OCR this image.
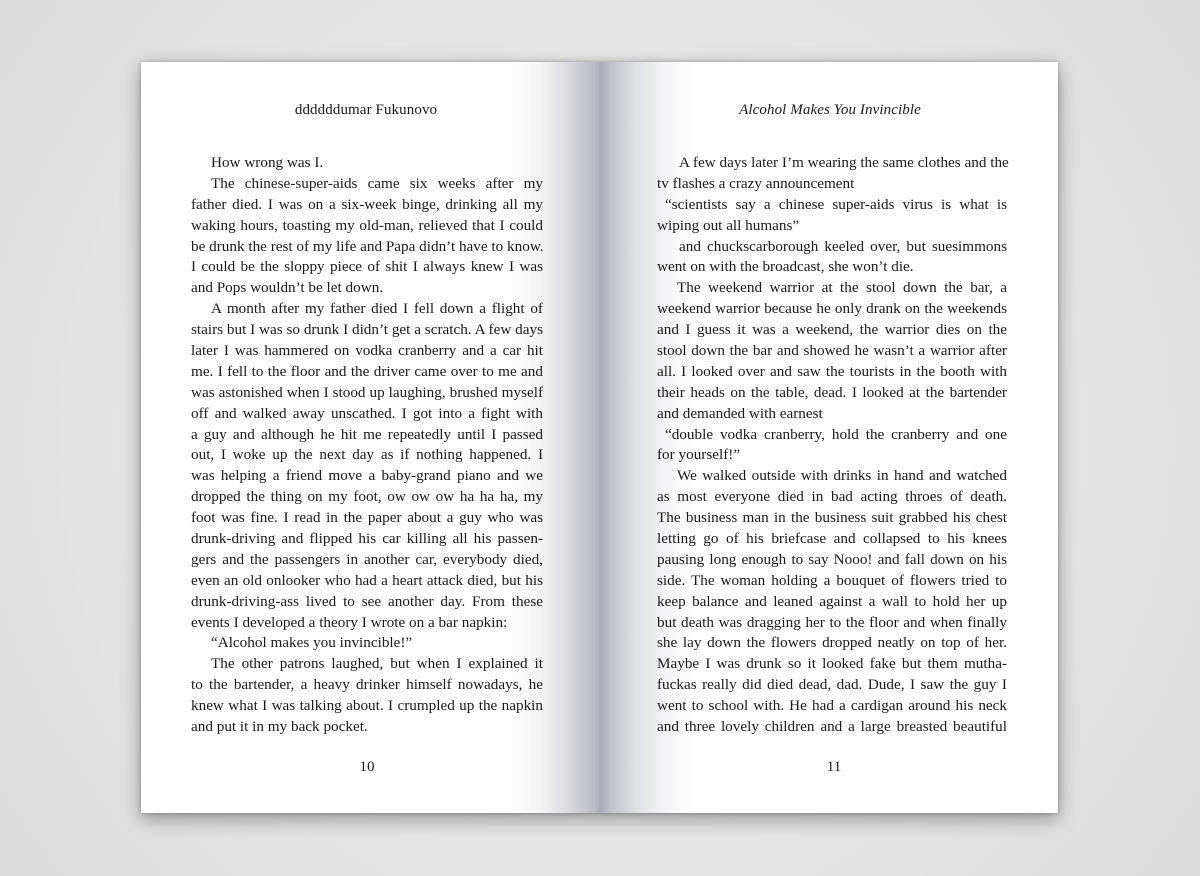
ddddddumar Fukunovo
How wrong was I.
The chinese-super-aids came six weeks after my
father died. I was on a six-week binge, drinking all my
waking hours, toasting my old-man, relieved that I could
be drunk the rest of my life and Papa didn’t have to know.
I could be the sloppy piece of shit I always knew I was
and Pops wouldn’t be let down.
A month after my father died I fell down a flight of
stairs but I was so drunk I didn’t get a scratch. A few days
later I was hammered on vodka cranberry and a car hit
me. I fell to the floor and the driver came over to me and
was astonished when I stood up laughing, brushed myself
off and walked away unscathed. I got into a fight with
a guy and although he hit me repeatedly until I passed
out, I woke up the next day as if nothing happened. I
was helping a friend move a baby-grand piano and we
dropped the thing on my foot, ow ow ow ha ha ha, my
foot was fine. I read in the paper about a guy who was
drunk-driving and flipped his car killing all his passen-
gers and the passengers in another car, everybody died,
even an old onlooker who had a heart attack died, but his
drunk-driving-ass lived to see another day. From these
events I developed a theory I wrote on a bar napkin:
“Alcohol makes you invincible!”
The other patrons laughed, but when I explained it
to the bartender, a heavy drinker himself nowadays, he
knew what I was talking about. I crumpled up the napkin
and put it in my back pocket.
10
Alcohol Makes You Invincible
A few days later I’m wearing the same clothes and the
tv flashes a crazy announcement
“scientists say a chinese super-aids virus is what is
wiping out all humans”
and chuckscarborough keeled over, but suesimmons
went on with the broadcast, she won’t die.
The weekend warrior at the stool down the bar, a
weekend warrior because he only drank on the weekends
and I guess it was a weekend, the warrior dies on the
stool down the bar and showed he wasn’t a warrior after
all. I looked over and saw the tourists in the booth with
their heads on the table, dead. I looked at the bartender
and demanded with earnest
“double vodka cranberry, hold the cranberry and one
for yourself!”
We walked outside with drinks in hand and watched
as most everyone died in bad acting throes of death.
The business man in the business suit grabbed his chest
letting go of his briefcase and collapsed to his knees
pausing long enough to say Nooo! and fall down on his
side. The woman holding a bouquet of flowers tried to
keep balance and leaned against a wall to hold her up
but death was dragging her to the floor and when finally
she lay down the flowers dropped neatly on top of her.
Maybe I was drunk so it looked fake but them mutha-
fuckas really did died dead, dad. Dude, I saw the guy I
went to school with. He had a cardigan around his neck
and three lovely children and a large breasted beautiful
11
